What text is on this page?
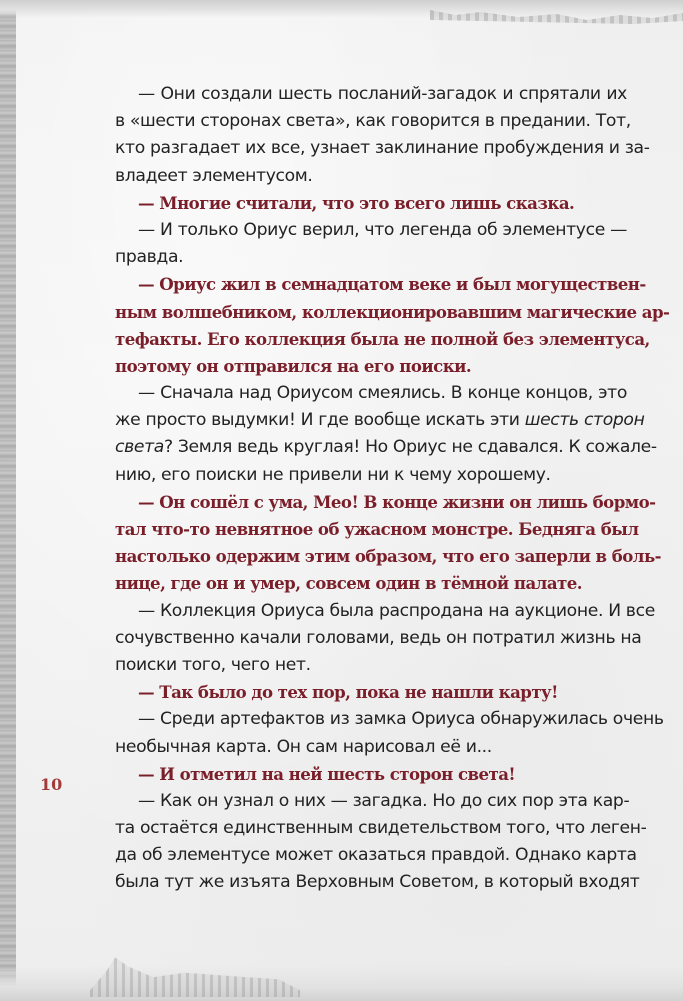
— Они создали шесть посланий-загадок и спрятали их
в «шести сторонах света», как говорится в предании. Тот,
кто разгадает их все, узнает заклинание пробуждения и за-
владеет элементусом.
— Многие считали, что это всего лишь сказка.
— И только Ориус верил, что легенда об элементусе —
правда.
— Ориус жил в семнадцатом веке и был могуществен-
ным волшебником, коллекционировавшим магические ар-
тефакты. Его коллекция была не полной без элементуса,
поэтому он отправился на его поиски.
— Сначала над Ориусом смеялись. В конце концов, это
же просто выдумки! И где вообще искать эти шесть сторон
света? Земля ведь круглая! Но Ориус не сдавался. К сожале-
нию, его поиски не привели ни к чему хорошему.
— Он сошёл с ума, Мео! В конце жизни он лишь бормо-
тал что-то невнятное об ужасном монстре. Бедняга был
настолько одержим этим образом, что его заперли в боль-
нице, где он и умер, совсем один в тёмной палате.
— Коллекция Ориуса была распродана на аукционе. И все
сочувственно качали головами, ведь он потратил жизнь на
поиски того, чего нет.
— Так было до тех пор, пока не нашли карту!
— Среди артефактов из замка Ориуса обнаружилась очень
необычная карта. Он сам нарисовал её и...
— И отметил на ней шесть сторон света!
— Как он узнал о них — загадка. Но до сих пор эта кар-
та остаётся единственным свидетельством того, что леген-
да об элементусе может оказаться правдой. Однако карта
была тут же изъята Верховным Советом, в который входят
10
